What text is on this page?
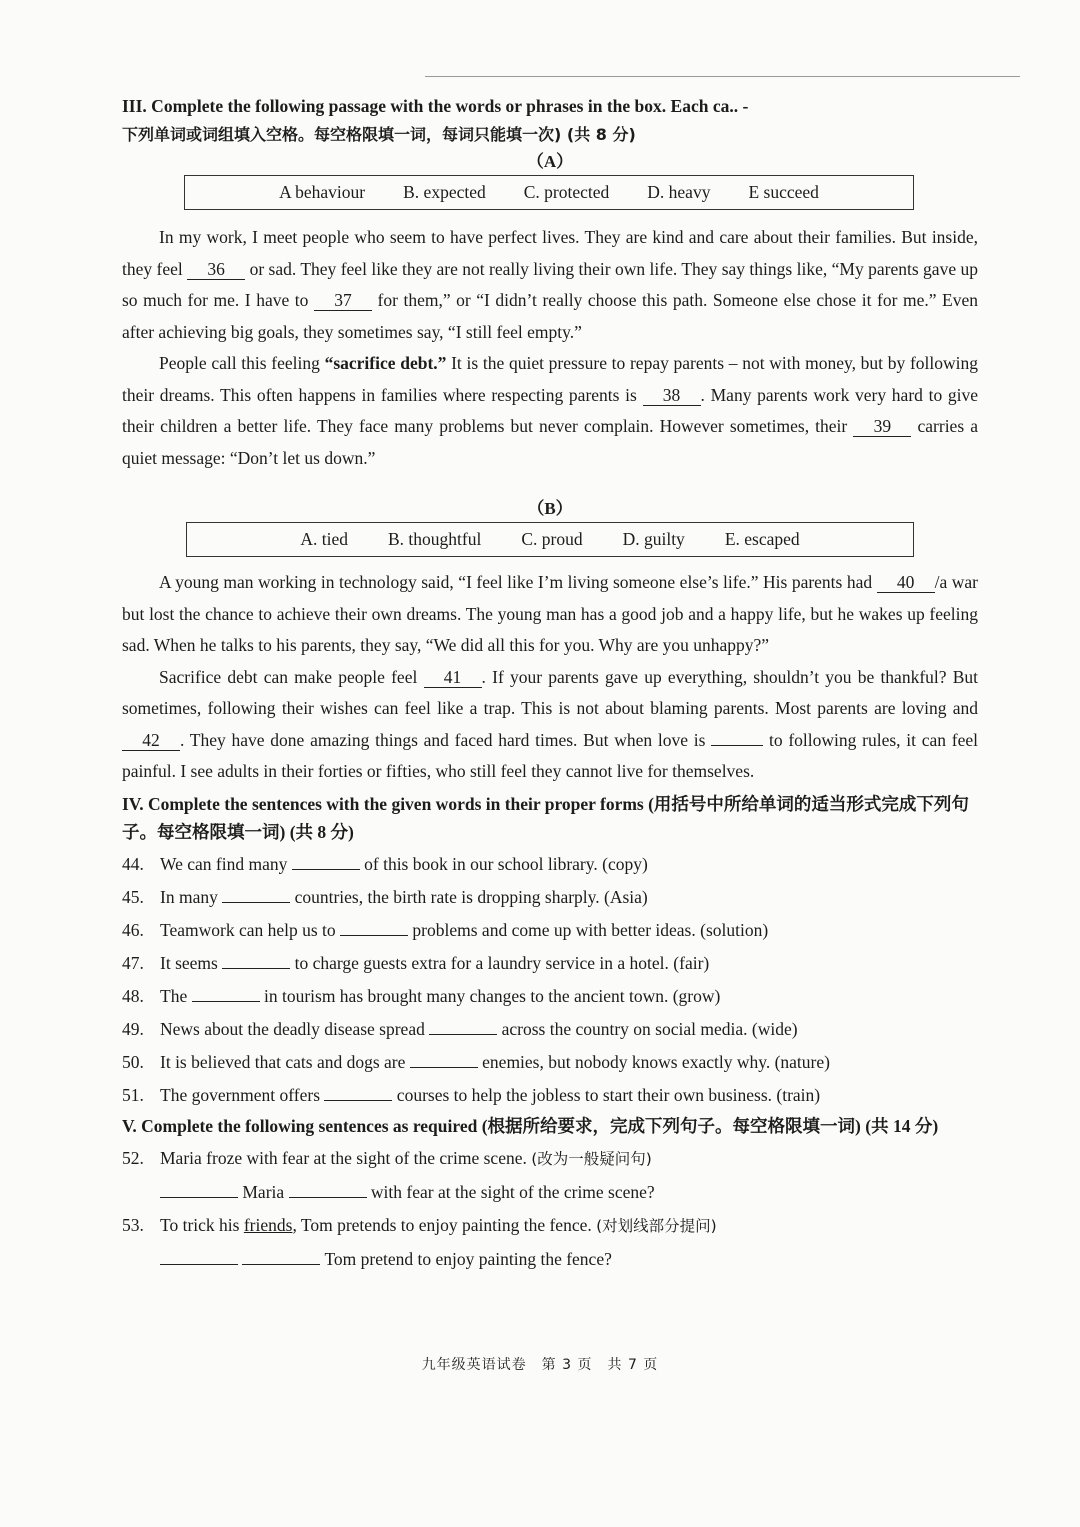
III. Complete the following passage with the words or phrases in the box. Each ca.. -
下列单词或词组填入空格。每空格限填一词，每词只能填一次) (共 8 分)
（A）
A behaviour B. expected C. protected D. heavy E succeed

In my work, I meet people who seem to have perfect lives. They are kind and care about their families. But inside, they feel 36 or sad. They feel like they are not really living their own life. They say things like, “My parents gave up so much for me. I have to 37 for them,” or “I didn’t really choose this path. Someone else chose it for me.” Even after achieving big goals, they sometimes say, “I still feel empty.”

People call this feeling “sacrifice debt.” It is the quiet pressure to repay parents – not with money, but by following their dreams. This often happens in families where respecting parents is 38 . Many parents work very hard to give their children a better life. They face many problems but never complain. However sometimes, their 39 carries a quiet message: “Don’t let us down.”

（B）
A. tied B. thoughtful C. proud D. guilty E. escaped

A young man working in technology said, “I feel like I’m living someone else’s life.” His parents had 40 /a war but lost the chance to achieve their own dreams. The young man has a good job and a happy life, but he wakes up feeling sad. When he talks to his parents, they say, “We did all this for you. Why are you unhappy?”

Sacrifice debt can make people feel 41 . If your parents gave up everything, shouldn’t you be thankful? But sometimes, following their wishes can feel like a trap. This is not about blaming parents. Most parents are loving and 42 . They have done amazing things and faced hard times. But when love is	to following rules, it can feel painful. I see adults in their forties or fifties, who still feel they cannot live for themselves.

IV. Complete the sentences with the given words in their proper forms (用括号中所给单词的适当形式完成下列句子。每空格限填一词) (共 8 分)
44. We can find many	of this book in our school library. (copy)
45. In many	countries, the birth rate is dropping sharply. (Asia)
46. Teamwork can help us to	problems and come up with better ideas. (solution)
47. It seems	to charge guests extra for a laundry service in a hotel. (fair)
48. The	in tourism has brought many changes to the ancient town. (grow)
49. News about the deadly disease spread	across the country on social media. (wide)
50. It is believed that cats and dogs are	enemies, but nobody knows exactly why. (nature)
51. The government offers	courses to help the jobless to start their own business. (train)
V. Complete the following sentences as required (根据所给要求，完成下列句子。每空格限填一词) (共 14 分)
52. Maria froze with fear at the sight of the crime scene. (改为一般疑问句)
Maria	with fear at the sight of the crime scene?
53. To trick his friends, Tom pretends to enjoy painting the fence. (对划线部分提问)
Tom pretend to enjoy painting the fence?
九年级英语试卷　第 3 页　共 7 页
